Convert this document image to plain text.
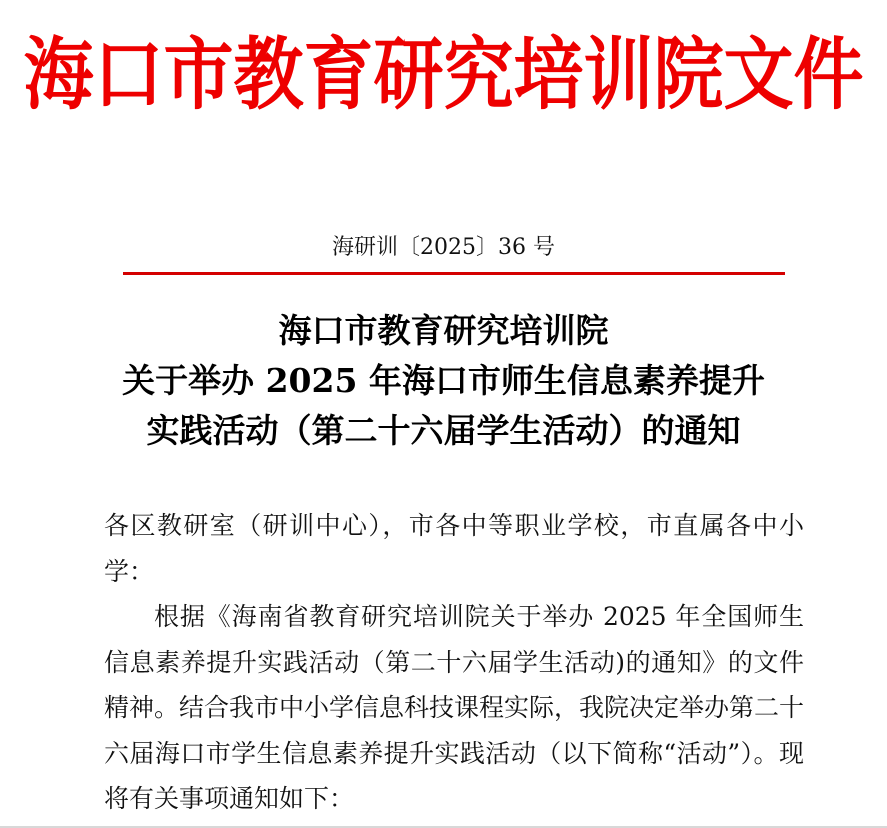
海口市教育研究培训院文件
海研训〔2025〕36 号
海口市教育研究培训院
关于举办 2025 年海口市师生信息素养提升
实践活动（第二十六届学生活动）的通知

各区教研室（研训中心），市各中等职业学校，市直属各中小学：

根据《海南省教育研究培训院关于举办 2025 年全国师生信息素养提升实践活动（第二十六届学生活动)的通知》的文件精神。结合我市中小学信息科技课程实际，我院决定举办第二十六届海口市学生信息素养提升实践活动（以下简称“活动”）。现将有关事项通知如下：
